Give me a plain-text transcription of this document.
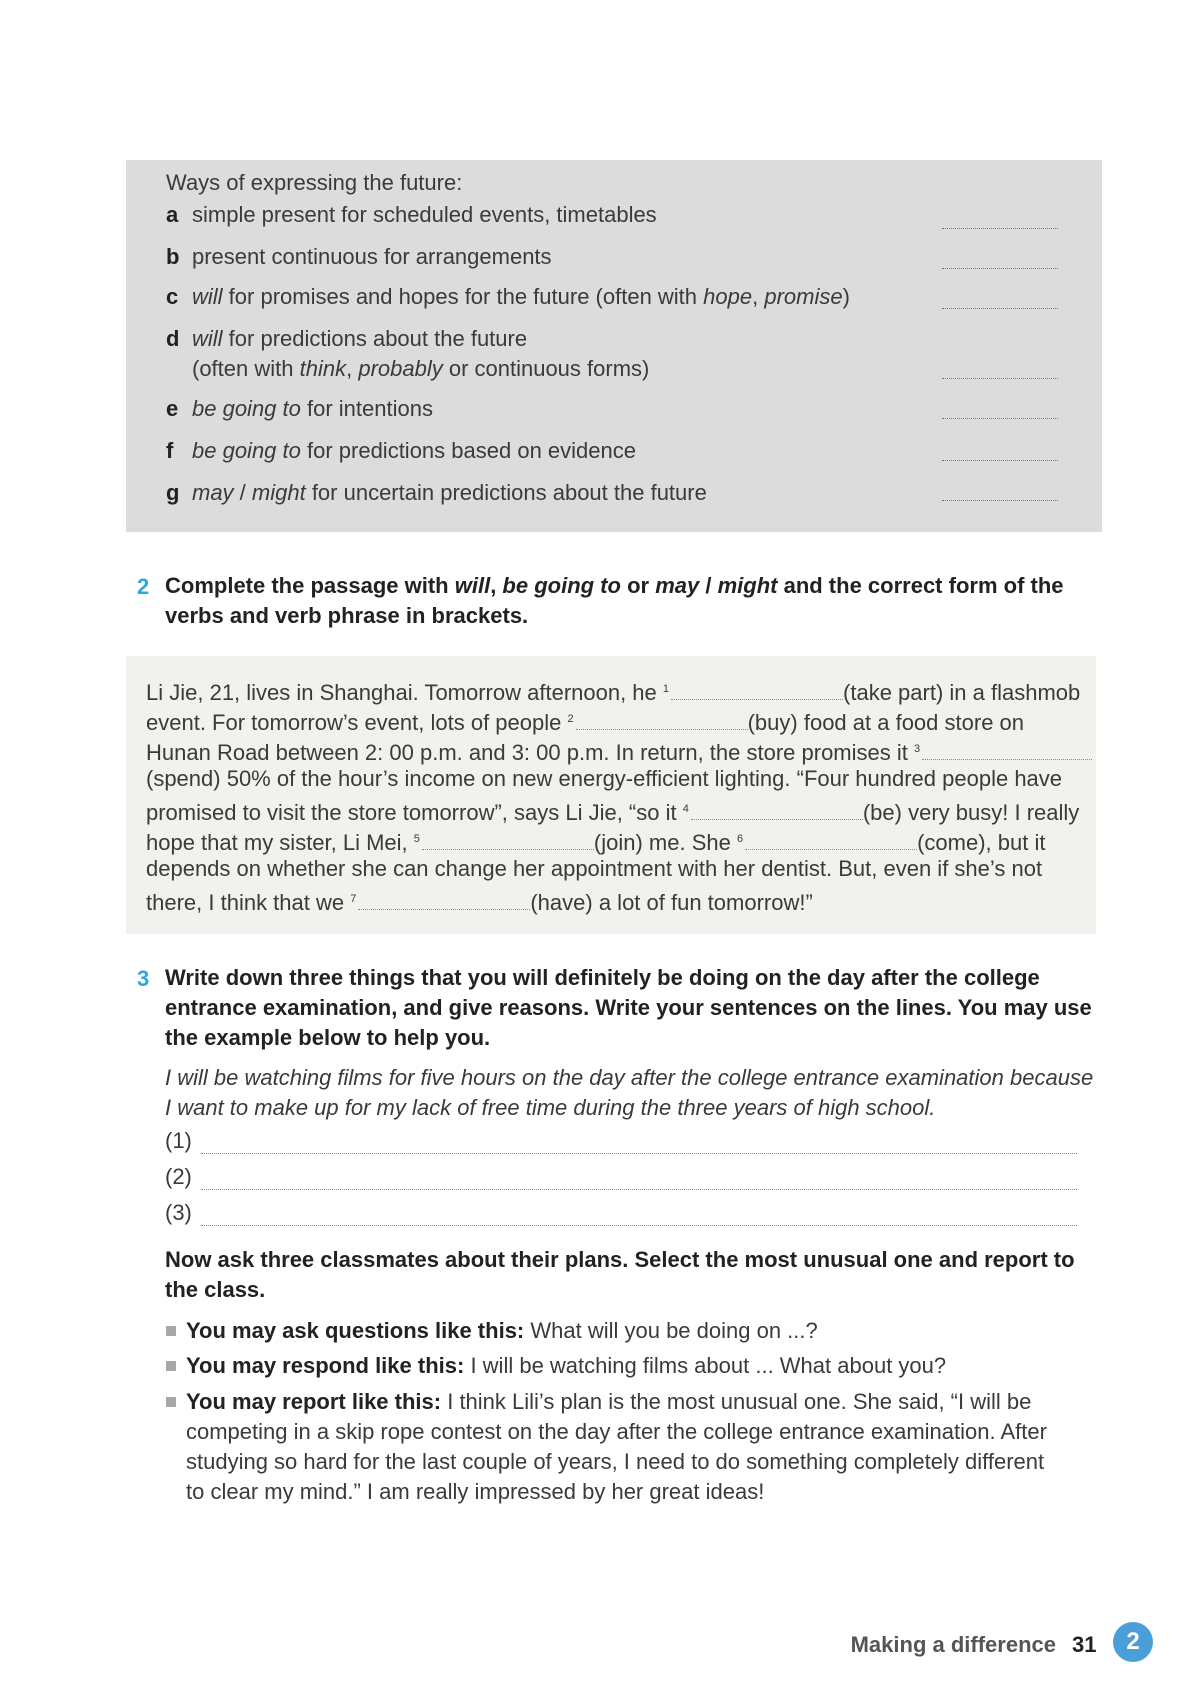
Ways of expressing the future:
a simple present for scheduled events, timetables
b present continuous for arrangements
c will for promises and hopes for the future (often with hope, promise)
d will for predictions about the future
(often with think, probably or continuous forms)
e be going to for intentions
f be going to for predictions based on evidence
g may / might for uncertain predictions about the future
2 Complete the passage with will, be going to or may / might and the correct form of the
verbs and verb phrase in brackets.
Li Jie, 21, lives in Shanghai. Tomorrow afternoon, he $^1$	(take part) in a flashmob
event. For tomorrow’s event, lots of people $^2$	(buy) food at a food store on
Hunan Road between 2: 00 p.m. and 3: 00 p.m. In return, the store promises it $^3$
(spend) 50% of the hour’s income on new energy-efficient lighting. “Four hundred people have
promised to visit the store tomorrow”, says Li Jie, “so it $^4$	(be) very busy! I really
hope that my sister, Li Mei, $^5$	(join) me. She $^6$	(come), but it
depends on whether she can change her appointment with her dentist. But, even if she’s not
there, I think that we $^7$	(have) a lot of fun tomorrow!”
3 Write down three things that you will definitely be doing on the day after the college
entrance examination, and give reasons. Write your sentences on the lines. You may use
the example below to help you.
I will be watching films for five hours on the day after the college entrance examination because
I want to make up for my lack of free time during the three years of high school.
(1)
(2)
(3)
Now ask three classmates about their plans. Select the most unusual one and report to
the class.
You may ask questions like this: What will you be doing on ...?
You may respond like this: I will be watching films about ... What about you?
You may report like this: I think Lili’s plan is the most unusual one. She said, “I will be competing in a skip rope contest on the day after the college entrance examination. After studying so hard for the last couple of years, I need to do something completely different to clear my mind.” I am really impressed by her great ideas!
Making a difference 31	2
